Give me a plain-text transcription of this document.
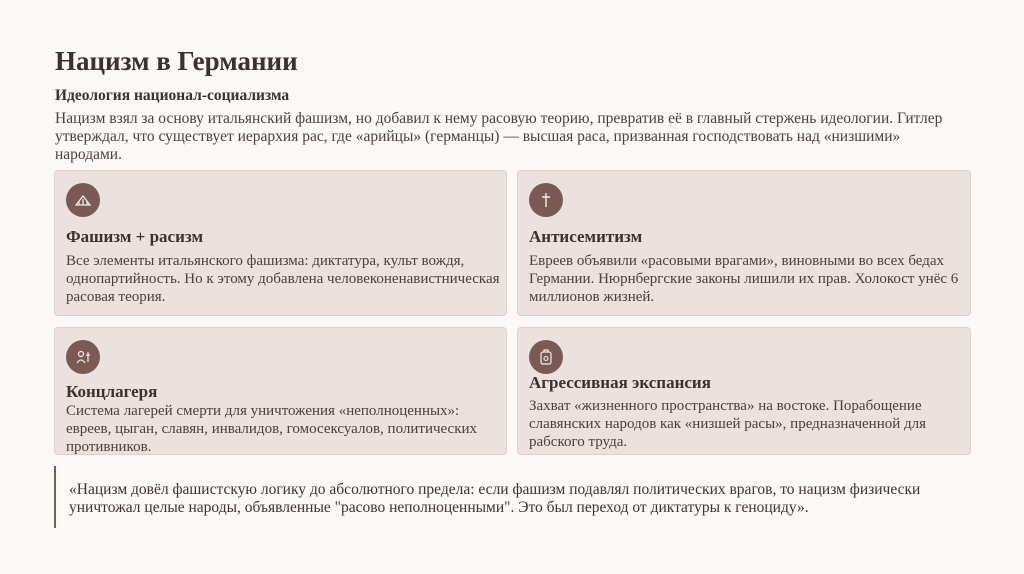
Нацизм в Германии
Идеология национал-социализма
Нацизм взял за основу итальянский фашизм, но добавил к нему расовую теорию, превратив её в главный стержень идеологии. Гитлер утверждал, что существует иерархия рас, где «арийцы» (германцы) — высшая раса, призванная господствовать над «низшими» народами.
Фашизм + расизм
Все элементы итальянского фашизма: диктатура, культ вождя, однопартийность. Но к этому добавлена человеконенавистническая расовая теория.
Антисемитизм
Евреев объявили «расовыми врагами», виновными во всех бедах Германии. Нюрнбергские законы лишили их прав. Холокост унёс 6 миллионов жизней.
Концлагеря
Система лагерей смерти для уничтожения «неполноценных»: евреев, цыган, славян, инвалидов, гомосексуалов, политических противников.
Агрессивная экспансия
Захват «жизненного пространства» на востоке. Порабощение славянских народов как «низшей расы», предназначенной для рабского труда.
«Нацизм довёл фашистскую логику до абсолютного предела: если фашизм подавлял политических врагов, то нацизм физически уничтожал целые народы, объявленные "расово неполноценными". Это был переход от диктатуры к геноциду».
